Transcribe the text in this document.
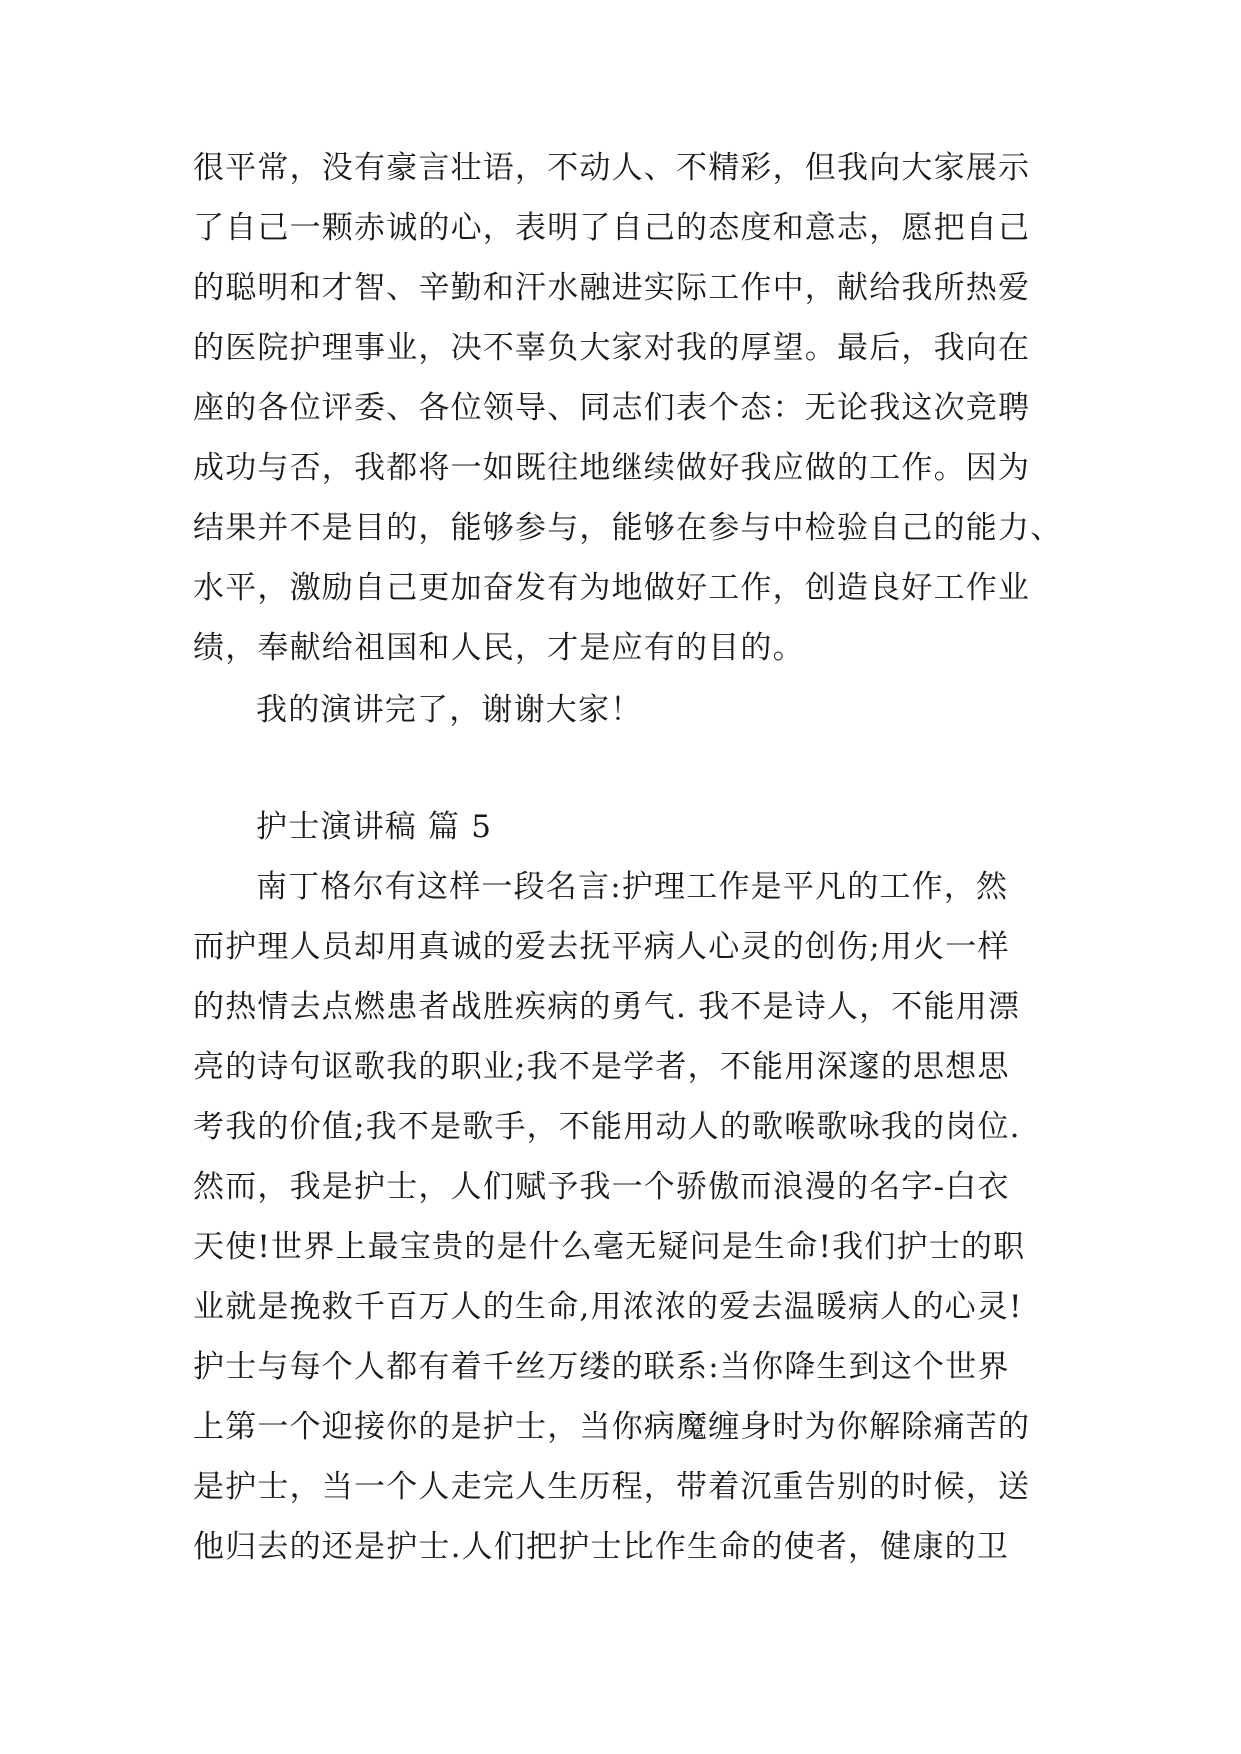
很平常，没有豪言壮语，不动人、不精彩，但我向大家展示
了自己一颗赤诚的心，表明了自己的态度和意志，愿把自己
的聪明和才智、辛勤和汗水融进实际工作中，献给我所热爱
的医院护理事业，决不辜负大家对我的厚望。最后，我向在
座的各位评委、各位领导、同志们表个态：无论我这次竞聘
成功与否，我都将一如既往地继续做好我应做的工作。因为
结果并不是目的，能够参与，能够在参与中检验自己的能力、
水平，激励自己更加奋发有为地做好工作，创造良好工作业
绩，奉献给祖国和人民，才是应有的目的。
我的演讲完了，谢谢大家！
护士演讲稿 篇 5
南丁格尔有这样一段名言:护理工作是平凡的工作，然
而护理人员却用真诚的爱去抚平病人心灵的创伤;用火一样
的热情去点燃患者战胜疾病的勇气. 我不是诗人，不能用漂
亮的诗句讴歌我的职业;我不是学者，不能用深邃的思想思
考我的价值;我不是歌手，不能用动人的歌喉歌咏我的岗位.
然而，我是护士，人们赋予我一个骄傲而浪漫的名字-白衣
天使!世界上最宝贵的是什么毫无疑问是生命!我们护士的职
业就是挽救千百万人的生命,用浓浓的爱去温暖病人的心灵!
护士与每个人都有着千丝万缕的联系:当你降生到这个世界
上第一个迎接你的是护士，当你病魔缠身时为你解除痛苦的
是护士，当一个人走完人生历程，带着沉重告别的时候，送
他归去的还是护士.人们把护士比作生命的使者，健康的卫
